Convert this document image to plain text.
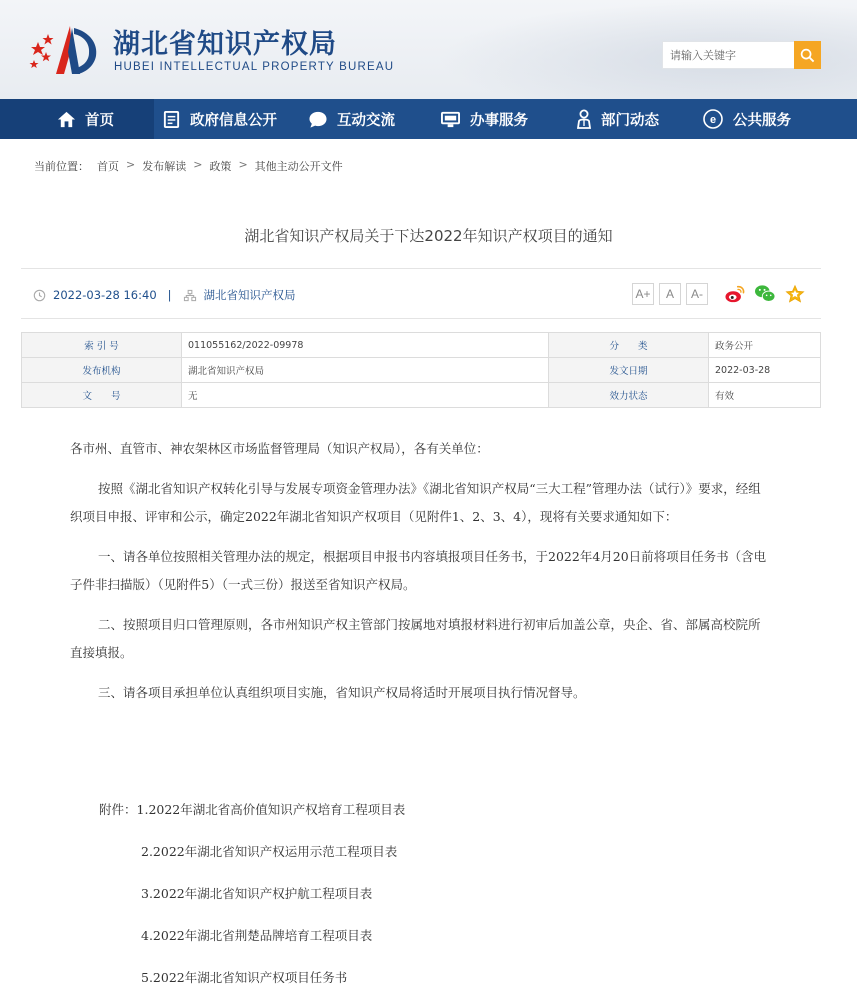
湖北省知识产权局
HUBEI INTELLECTUAL PROPERTY BUREAU
请输入关键字
首页	政府信息公开	互动交流	办事服务	部门动态	e 公共服务
当前位置： 首页 > 发布解读 > 政策 > 其他主动公开文件
湖北省知识产权局关于下达2022年知识产权项目的通知
2022-03-28 16:40 |	湖北省知识产权局	A+	A	A-
索 引 号	011055162/2022-09978	分　　类	政务公开
发布机构	湖北省知识产权局	发文日期	2022-03-28
文　　号	无	效力状态	有效

各市州、直管市、神农架林区市场监督管理局（知识产权局），各有关单位：

按照《湖北省知识产权转化引导与发展专项资金管理办法》《湖北省知识产权局“三大工程”管理办法（试行）》要求，经组织项目申报、评审和公示，确定2022年湖北省知识产权项目（见附件1、2、3、4），现将有关要求通知如下：

一、请各单位按照相关管理办法的规定，根据项目申报书内容填报项目任务书，于2022年4月20日前将项目任务书（含电子件非扫描版）（见附件5）（一式三份）报送至省知识产权局。

二、按照项目归口管理原则，各市州知识产权主管部门按属地对填报材料进行初审后加盖公章，央企、省、部属高校院所直接填报。

三、请各项目承担单位认真组织项目实施，省知识产权局将适时开展项目执行情况督导。

附件：1.2022年湖北省高价值知识产权培育工程项目表
2.2022年湖北省知识产权运用示范工程项目表
3.2022年湖北省知识产权护航工程项目表
4.2022年湖北省荆楚品牌培育工程项目表
5.2022年湖北省知识产权项目任务书
